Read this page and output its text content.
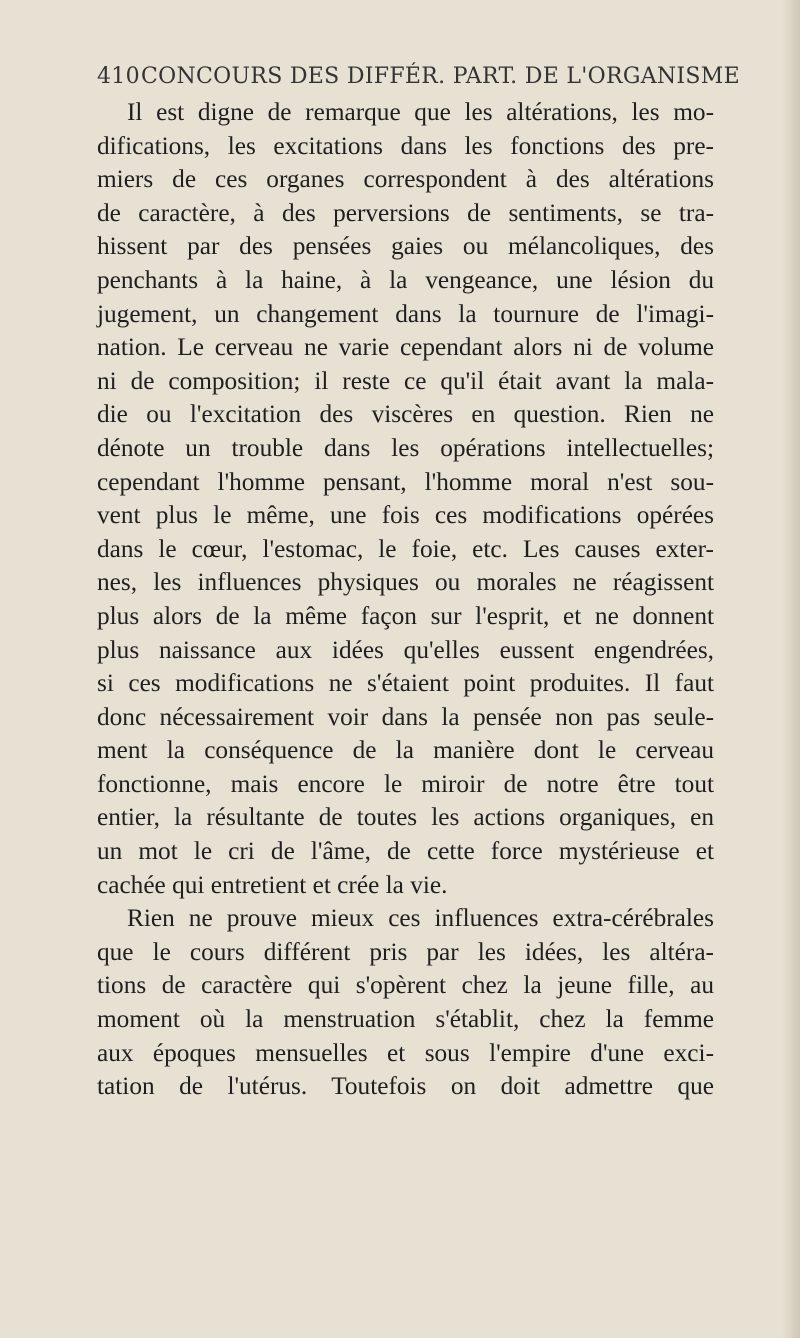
410CONCOURS DES DIFFÉR. PART. DE L'ORGANISME
Il est digne de remarque que les altérations, les mo-
difications, les excitations dans les fonctions des pre-
miers de ces organes correspondent à des altérations
de caractère, à des perversions de sentiments, se tra-
hissent par des pensées gaies ou mélancoliques, des
penchants à la haine, à la vengeance, une lésion du
jugement, un changement dans la tournure de l'imagi-
nation. Le cerveau ne varie cependant alors ni de volume
ni de composition; il reste ce qu'il était avant la mala-
die ou l'excitation des viscères en question. Rien ne
dénote un trouble dans les opérations intellectuelles;
cependant l'homme pensant, l'homme moral n'est sou-
vent plus le même, une fois ces modifications opérées
dans le cœur, l'estomac, le foie, etc. Les causes exter-
nes, les influences physiques ou morales ne réagissent
plus alors de la même façon sur l'esprit, et ne donnent
plus naissance aux idées qu'elles eussent engendrées,
si ces modifications ne s'étaient point produites. Il faut
donc nécessairement voir dans la pensée non pas seule-
ment la conséquence de la manière dont le cerveau
fonctionne, mais encore le miroir de notre être tout
entier, la résultante de toutes les actions organiques, en
un mot le cri de l'âme, de cette force mystérieuse et
cachée qui entretient et crée la vie.
Rien ne prouve mieux ces influences extra-cérébrales
que le cours différent pris par les idées, les altéra-
tions de caractère qui s'opèrent chez la jeune fille, au
moment où la menstruation s'établit, chez la femme
aux époques mensuelles et sous l'empire d'une exci-
tation de l'utérus. Toutefois on doit admettre que
